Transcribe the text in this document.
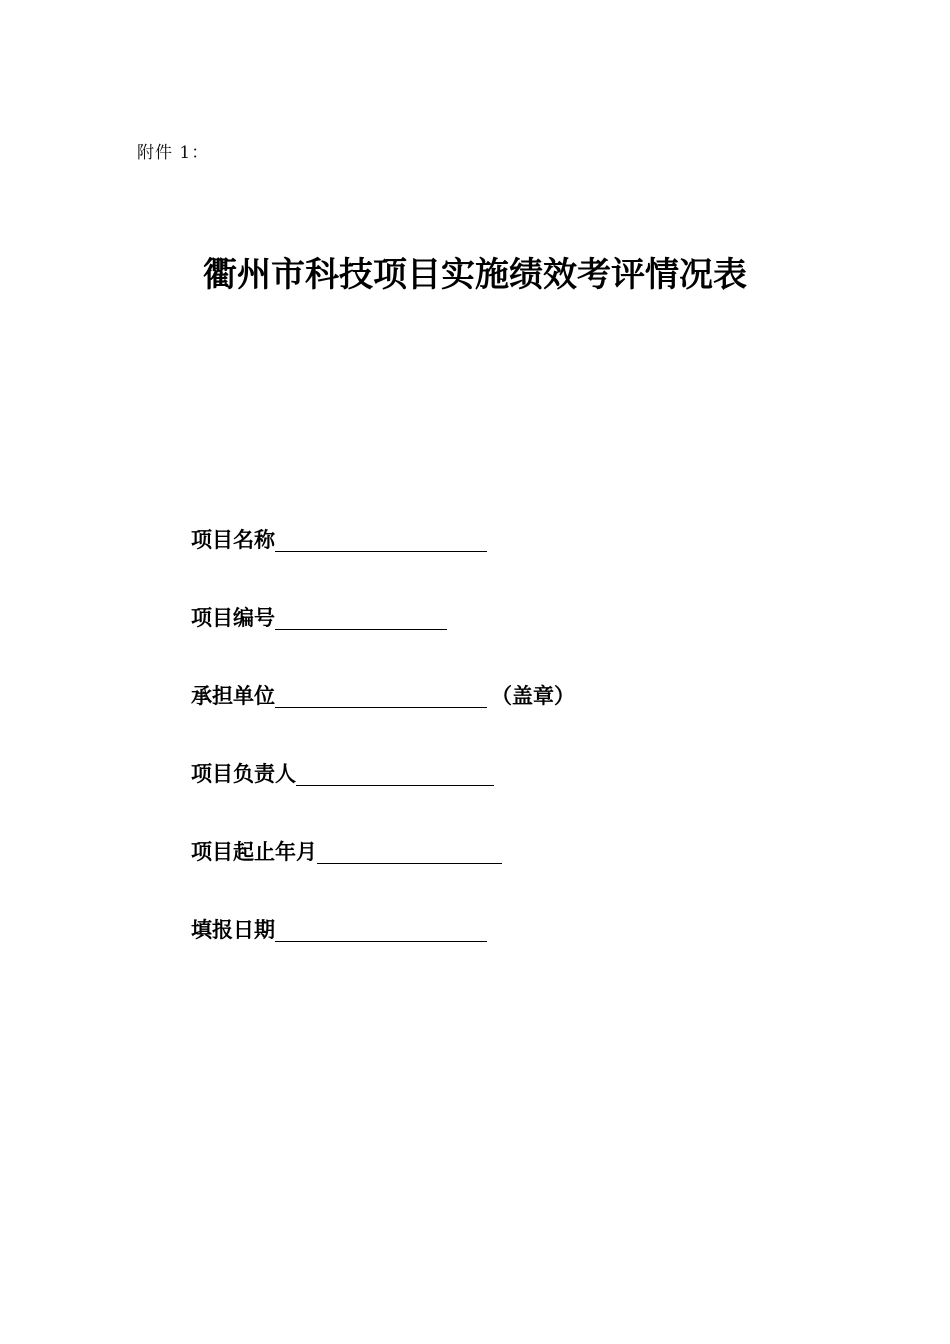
附件 1：
衢州市科技项目实施绩效考评情况表
项目名称
项目编号
承担单位	（盖章）
项目负责人
项目起止年月
填报日期
